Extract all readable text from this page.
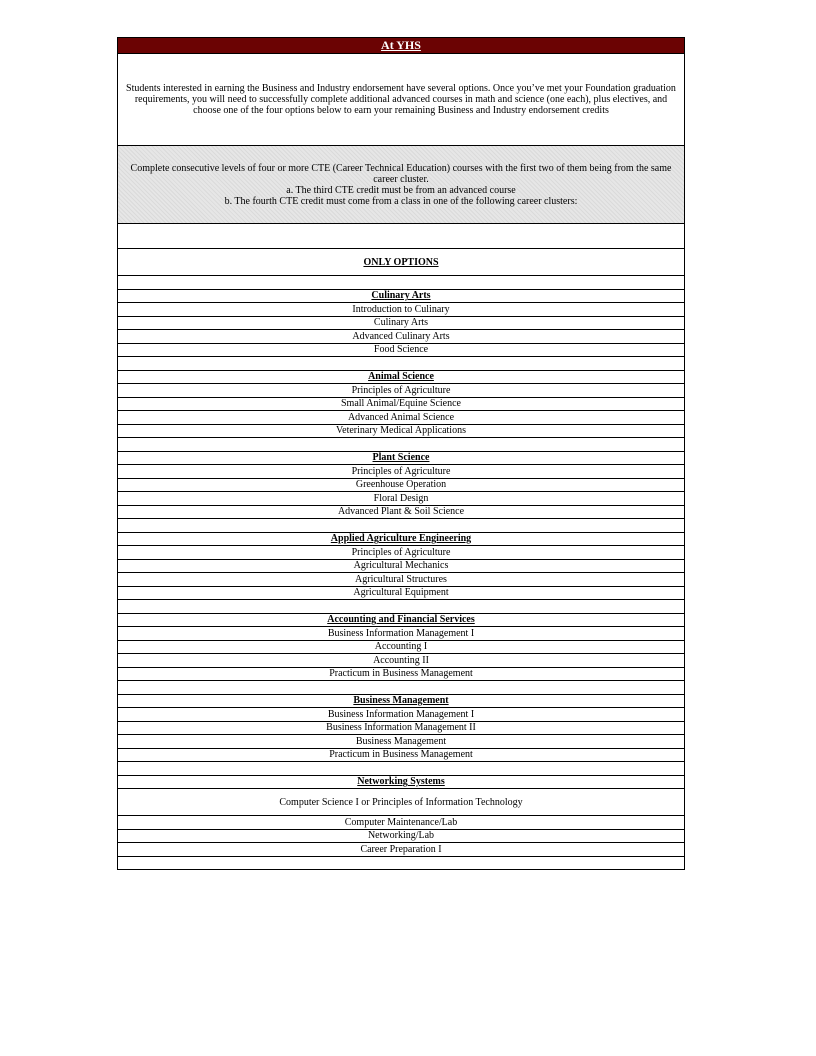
At YHS
Students interested in earning the Business and Industry endorsement have several options. Once you’ve met your Foundation graduation requirements, you will need to successfully complete additional advanced courses in math and science (one each), plus electives, and choose one of the four options below to earn your remaining Business and Industry endorsement credits
Complete consecutive levels of four or more CTE (Career Technical Education) courses with the first two of them being from the same career cluster.
a. The third CTE credit must be from an advanced course
b. The fourth CTE credit must come from a class in one of the following career clusters:
ONLY OPTIONS
Culinary Arts
Introduction to Culinary
Culinary Arts
Advanced Culinary Arts
Food Science
Animal Science
Principles of Agriculture
Small Animal/Equine Science
Advanced Animal Science
Veterinary Medical Applications
Plant Science
Principles of Agriculture
Greenhouse Operation
Floral Design
Advanced Plant & Soil Science
Applied Agriculture Engineering
Principles of Agriculture
Agricultural Mechanics
Agricultural Structures
Agricultural Equipment
Accounting and Financial Services
Business Information Management I
Accounting I
Accounting II
Practicum in Business Management
Business Management
Business Information Management I
Business Information Management II
Business Management
Practicum in Business Management
Networking Systems
Computer Science I or Principles of Information Technology
Computer Maintenance/Lab
Networking/Lab
Career Preparation I
